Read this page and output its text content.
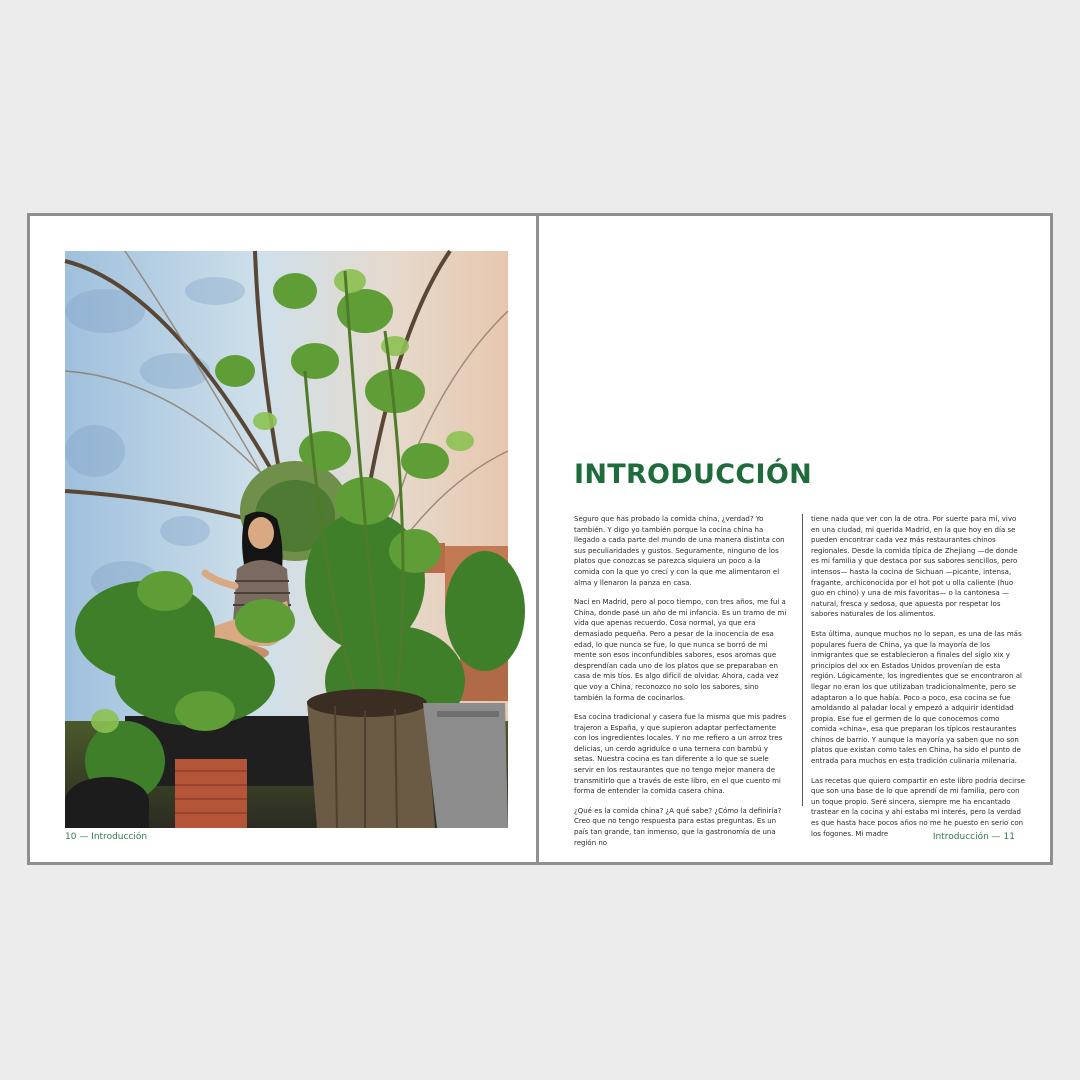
10 — Introducción
INTRODUCCIÓN

Seguro que has probado la comida china, ¿verdad? Yo también. Y digo yo también porque la cocina china ha llegado a cada parte del mundo de una manera distinta con sus peculiaridades y gustos. Seguramente, ninguno de los platos que conozcas se parezca siquiera un poco a la comida con la que yo crecí y con la que me alimentaron el alma y llenaron la panza en casa.

Nací en Madrid, pero al poco tiempo, con tres años, me fui a China, donde pasé un año de mi infancia. Es un tramo de mi vida que apenas recuerdo. Cosa normal, ya que era demasiado pequeña. Pero a pesar de la inocencia de esa edad, lo que nunca se fue, lo que nunca se borró de mi mente son esos inconfundibles sabores, esos aromas que desprendían cada uno de los platos que se preparaban en casa de mis tíos. Es algo difícil de olvidar. Ahora, cada vez que voy a China, reconozco no solo los sabores, sino también la forma de cocinarlos.

Esa cocina tradicional y casera fue la misma que mis padres trajeron a España, y que supieron adaptar perfectamente con los ingredientes locales. Y no me refiero a un arroz tres delicias, un cerdo agridulce o una ternera con bambú y setas. Nuestra cocina es tan diferente a lo que se suele servir en los restaurantes que no tengo mejor manera de transmitirlo que a través de este libro, en el que cuento mi forma de entender la comida casera china.

¿Qué es la comida china? ¿A qué sabe? ¿Cómo la definiría? Creo que no tengo respuesta para estas preguntas. Es un país tan grande, tan inmenso, que la gastronomía de una región no

tiene nada que ver con la de otra. Por suerte para mí, vivo en una ciudad, mi querida Madrid, en la que hoy en día se pueden encontrar cada vez más restaurantes chinos regionales. Desde la comida típica de Zhejiang —de donde es mi familia y que destaca por sus sabores sencillos, pero intensos— hasta la cocina de Sichuan —picante, intensa, fragante, archiconocida por el hot pot u olla caliente (huo guo en chino) y una de mis favoritas— o la cantonesa —natural, fresca y sedosa, que apuesta por respetar los sabores naturales de los alimentos.

Esta última, aunque muchos no lo sepan, es una de las más populares fuera de China, ya que la mayoría de los inmigrantes que se establecieron a finales del siglo xix y principios del xx en Estados Unidos provenían de esta región. Lógicamente, los ingredientes que se encontraron al llegar no eran los que utilizaban tradicionalmente, pero se adaptaron a lo que había. Poco a poco, esa cocina se fue amoldando al paladar local y empezó a adquirir identidad propia. Ese fue el germen de lo que conocemos como comida «china», esa que preparan los típicos restaurantes chinos de barrio. Y aunque la mayoría ya saben que no son platos que existan como tales en China, ha sido el punto de entrada para muchos en esta tradición culinaria milenaria.

Las recetas que quiero compartir en este libro podría decirse que son una base de lo que aprendí de mi familia, pero con un toque propio. Seré sincera, siempre me ha encantado trastear en la cocina y ahí estaba mi interés, pero la verdad es que hasta hace pocos años no me he puesto en serio con los fogones. Mi madre	Introducción — 11
